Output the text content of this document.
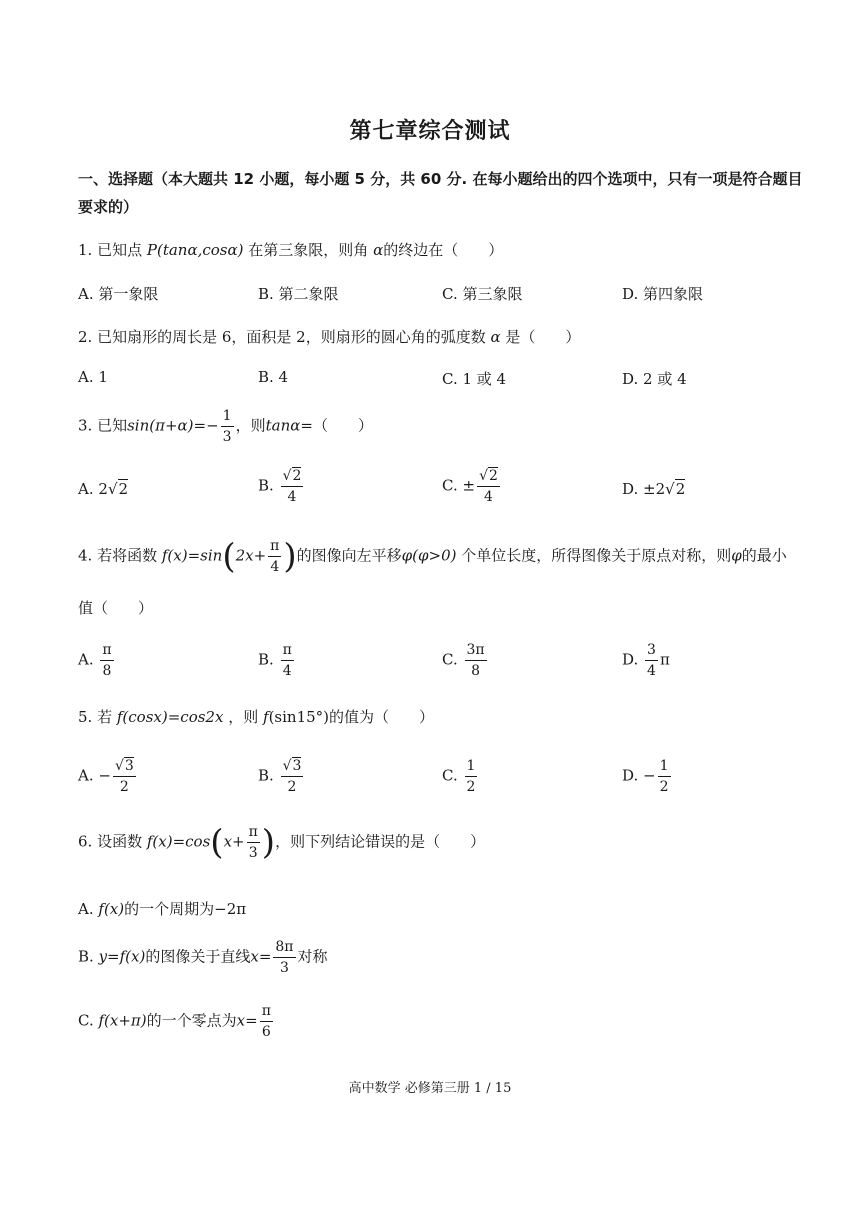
第七章综合测试
一、选择题（本大题共 12 小题，每小题 5 分，共 60 分. 在每小题给出的四个选项中，只有一项是符合题目
要求的）
1. 已知点 P(tanα,cosα) 在第三象限，则角 α的终边在（　　）
A. 第一象限	B. 第二象限	C. 第三象限	D. 第四象限
2. 已知扇形的周长是 6，面积是 2，则扇形的圆心角的弧度数 α 是（　　）
A. 1	B. 4	C. 1 或 4	D. 2 或 4
3. 已知$\sin(\pi+\alpha)=- \frac{1}{3}$ ，则tanα=（　　）
A. 2√2	B. $\frac{√2}{4}$	C. ± $\frac{√2}{4}$	D. ±2√2
4. 若将函数 $f(x)=\sin(2x+ \frac{\pi}{4}$ )的图像向左平移φ(φ>0) 个单位长度，所得图像关于原点对称，则φ的最小
值（　　）
A. $\frac{\pi}{8}$	B. $\frac{\pi}{4}$	C. $\frac{3\pi}{8}$	D. $\frac{3}{4}$ π
5. 若 f(cosx)=cos2x ，则 f(sin15°)的值为（　　）
A. − $\frac{√3}{2}$	B. $\frac{√3}{2}$	C. $\frac{1}{2}$	D. − $\frac{1}{2}$
6. 设函数 $f(x)=\cos(x+ \frac{\pi}{3}$ )，则下列结论错误的是（　　）
A. f(x)的一个周期为−2π
B. y=f(x)的图像关于直线$x= \frac{8\pi}{3}$ 对称
C. f(x+π)的一个零点为$x= \frac{\pi}{6}$
高中数学 必修第三册 1 / 15
